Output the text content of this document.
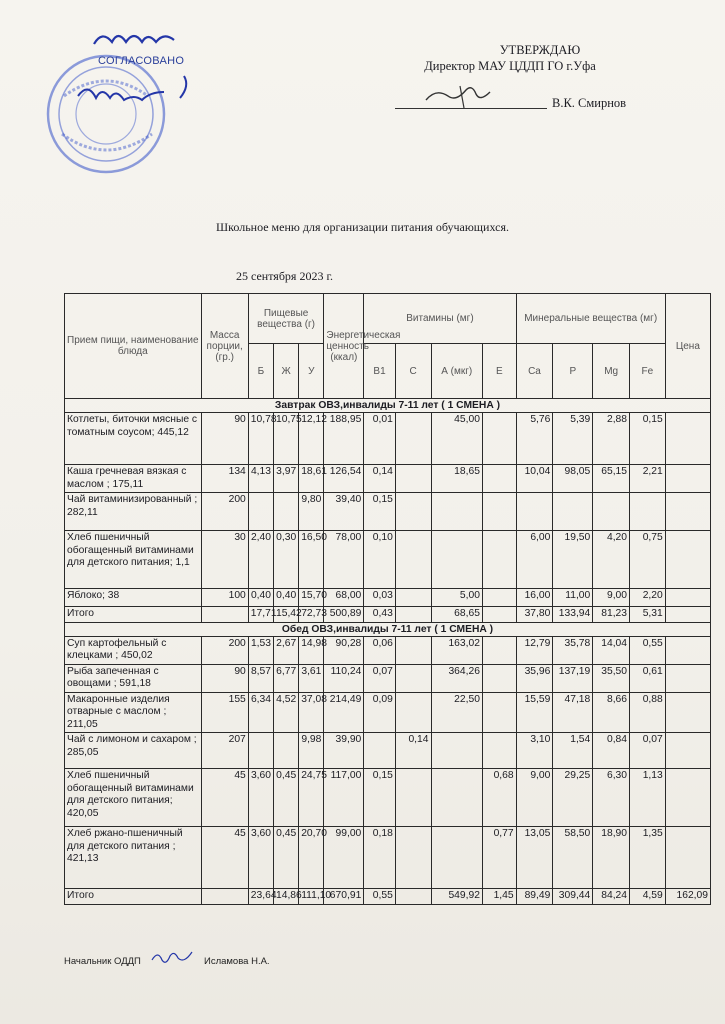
СОГЛАСОВАНО
УТВЕРЖДАЮ
Директор МАУ ЦДДП ГО г.Уфа
В.К. Смирнов
Школьное меню для организации питания обучающихся.
25 сентября 2023 г.
Прием пищи, наименование блюда	Масса порции, (гр.)	Пищевые вещества (г)			Энергетическая ценность (ккал)	Витамины (мг)				Минеральные вещества (мг)				Цена
		Б	Ж	У		В1	С	А (мкг)	Е	Ca	P	Mg	Fe	
Завтрак ОВЗ,инвалиды 7-11 лет ( 1 СМЕНА )														
Котлеты, биточки мясные с томатным соусом; 445,12	90	10,78	10,75	12,12	188,95	0,01		45,00		5,76	5,39	2,88	0,15	
Каша гречневая вязкая с маслом ; 175,11	134	4,13	3,97	18,61	126,54	0,14		18,65		10,04	98,05	65,15	2,21	
Чай витаминизированный ; 282,11	200			9,80	39,40	0,15								
Хлеб пшеничный обогащенный витаминами для детского питания; 1,1	30	2,40	0,30	16,50	78,00	0,10				6,00	19,50	4,20	0,75	
Яблоко; 38	100	0,40	0,40	15,70	68,00	0,03		5,00		16,00	11,00	9,00	2,20	
Итого		17,71	15,42	72,73	500,89	0,43		68,65		37,80	133,94	81,23	5,31	
Обед ОВЗ,инвалиды 7-11 лет ( 1 СМЕНА )														
Суп картофельный с клецками ; 450,02	200	1,53	2,67	14,98	90,28	0,06		163,02		12,79	35,78	14,04	0,55	
Рыба запеченная с овощами ; 591,18	90	8,57	6,77	3,61	110,24	0,07		364,26		35,96	137,19	35,50	0,61	
Макаронные изделия отварные с маслом ; 211,05	155	6,34	4,52	37,08	214,49	0,09		22,50		15,59	47,18	8,66	0,88	
Чай с лимоном и сахаром ; 285,05	207			9,98	39,90		0,14			3,10	1,54	0,84	0,07	
Хлеб пшеничный обогащенный витаминами для детского питания; 420,05	45	3,60	0,45	24,75	117,00	0,15			0,68	9,00	29,25	6,30	1,13	
Хлеб ржано-пшеничный для детского питания ; 421,13	45	3,60	0,45	20,70	99,00	0,18			0,77	13,05	58,50	18,90	1,35	
Итого		23,64	14,86	111,10	670,91	0,55		549,92	1,45	89,49	309,44	84,24	4,59	162,09
Начальник ОДДП	Исламова Н.А.
